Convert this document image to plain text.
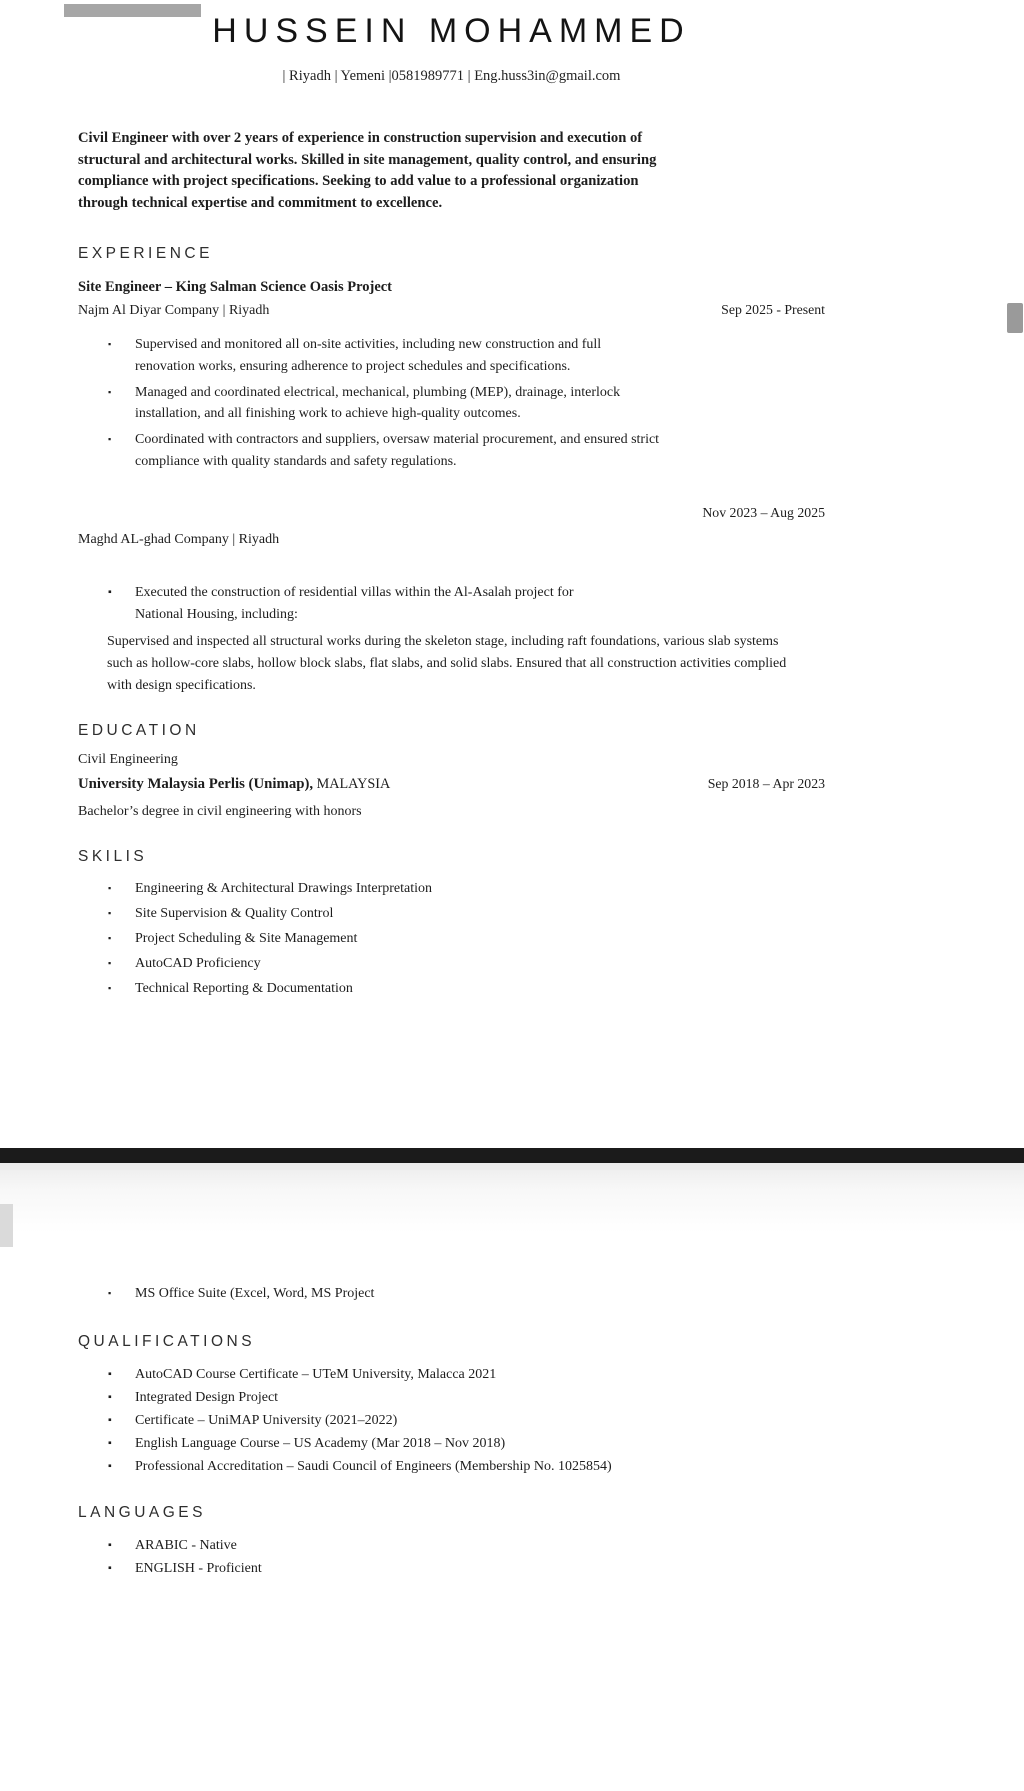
HUSSEIN MOHAMMED
| Riyadh | Yemeni |0581989771 | Eng.huss3in@gmail.com

Civil Engineer with over 2 years of experience in construction supervision and execution of structural and architectural works. Skilled in site management, quality control, and ensuring compliance with project specifications. Seeking to add value to a professional organization through technical expertise and commitment to excellence.

EXPERIENCE
Site Engineer – King Salman Science Oasis Project
Najm Al Diyar Company | Riyadh	Sep 2025 - Present
▪	Supervised and monitored all on-site activities, including new construction and full renovation works, ensuring adherence to project schedules and specifications.
▪	Managed and coordinated electrical, mechanical, plumbing (MEP), drainage, interlock installation, and all finishing work to achieve high-quality outcomes.
▪	Coordinated with contractors and suppliers, oversaw material procurement, and ensured strict compliance with quality standards and safety regulations.
Nov 2023 – Aug 2025
Maghd AL-ghad Company | Riyadh
▪	Executed the construction of residential villas within the Al-Asalah project for National Housing, including:

Supervised and inspected all structural works during the skeleton stage, including raft foundations, various slab systems such as hollow-core slabs, hollow block slabs, flat slabs, and solid slabs. Ensured that all construction activities complied with design specifications.

EDUCATION
Civil Engineering
University Malaysia Perlis (Unimap), MALAYSIA	Sep 2018 – Apr 2023
Bachelor’s degree in civil engineering with honors
SKILIS
▪	Engineering & Architectural Drawings Interpretation
▪	Site Supervision & Quality Control
▪	Project Scheduling & Site Management
▪	AutoCAD Proficiency
▪	Technical Reporting & Documentation
▪	MS Office Suite (Excel, Word, MS Project
QUALIFICATIONS
▪	AutoCAD Course Certificate – UTeM University, Malacca 2021
▪	Integrated Design Project
▪	Certificate – UniMAP University (2021–2022)
▪	English Language Course – US Academy (Mar 2018 – Nov 2018)
▪	Professional Accreditation – Saudi Council of Engineers (Membership No. 1025854)
LANGUAGES
▪	ARABIC - Native
▪	ENGLISH - Proficient
